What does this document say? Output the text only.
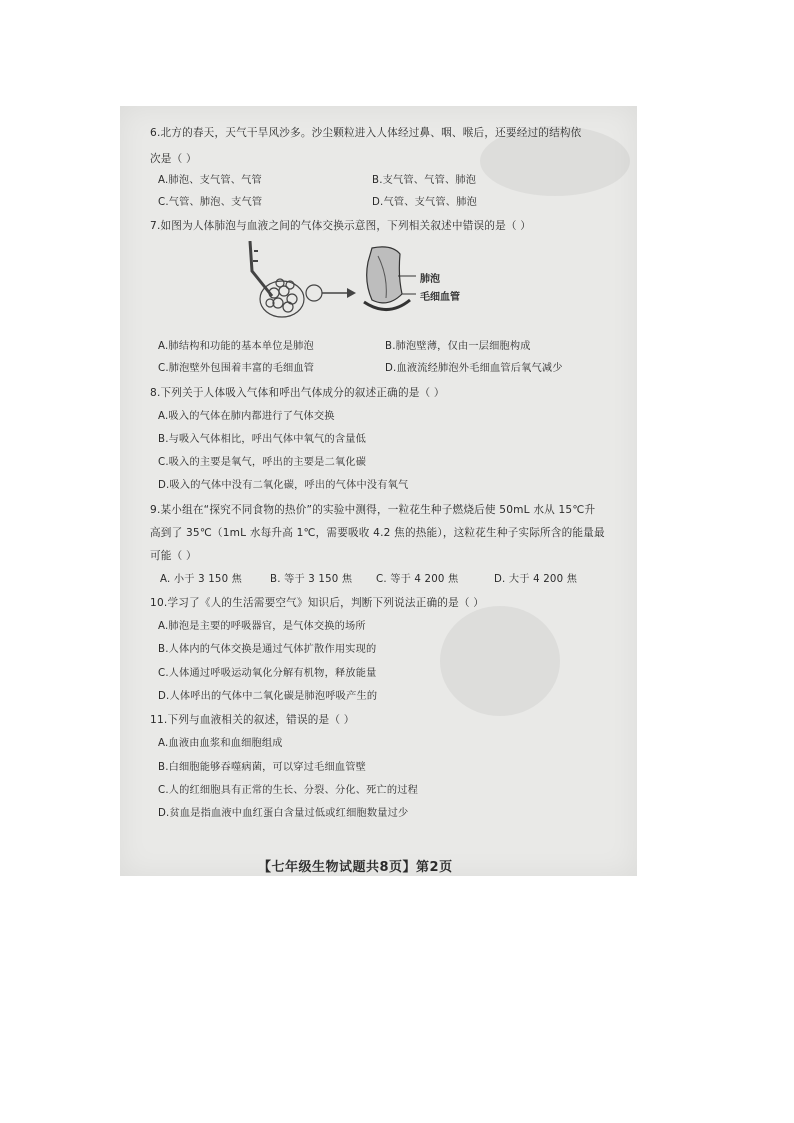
6.北方的春天，天气干旱风沙多。沙尘颗粒进入人体经过鼻、咽、喉后，还要经过的结构依
次是（ ）
A.肺泡、支气管、气管	B.支气管、气管、肺泡
C.气管、肺泡、支气管	D.气管、支气管、肺泡
7.如图为人体肺泡与血液之间的气体交换示意图，下列相关叙述中错误的是（ ）
肺泡
毛细血管
A.肺结构和功能的基本单位是肺泡	B.肺泡壁薄，仅由一层细胞构成
C.肺泡壁外包围着丰富的毛细血管	D.血液流经肺泡外毛细血管后氧气减少
8.下列关于人体吸入气体和呼出气体成分的叙述正确的是（ ）
A.吸入的气体在肺内都进行了气体交换
B.与吸入气体相比，呼出气体中氧气的含量低
C.吸入的主要是氧气，呼出的主要是二氧化碳
D.吸入的气体中没有二氧化碳，呼出的气体中没有氧气
9.某小组在“探究不同食物的热价”的实验中测得，一粒花生种子燃烧后使 50mL 水从 15℃升
高到了 35℃（1mL 水每升高 1℃，需要吸收 4.2 焦的热能），这粒花生种子实际所含的能量最
可能（ ）
A. 小于 3 150 焦	B. 等于 3 150 焦 C. 等于 4 200 焦	D. 大于 4 200 焦
10.学习了《人的生活需要空气》知识后，判断下列说法正确的是（ ）
A.肺泡是主要的呼吸器官，是气体交换的场所
B.人体内的气体交换是通过气体扩散作用实现的
C.人体通过呼吸运动氧化分解有机物，释放能量
D.人体呼出的气体中二氧化碳是肺泡呼吸产生的
11.下列与血液相关的叙述，错误的是（ ）
A.血液由血浆和血细胞组成
B.白细胞能够吞噬病菌，可以穿过毛细血管壁
C.人的红细胞具有正常的生长、分裂、分化、死亡的过程
D.贫血是指血液中血红蛋白含量过低或红细胞数量过少
【七年级生物试题共8页】第2页
